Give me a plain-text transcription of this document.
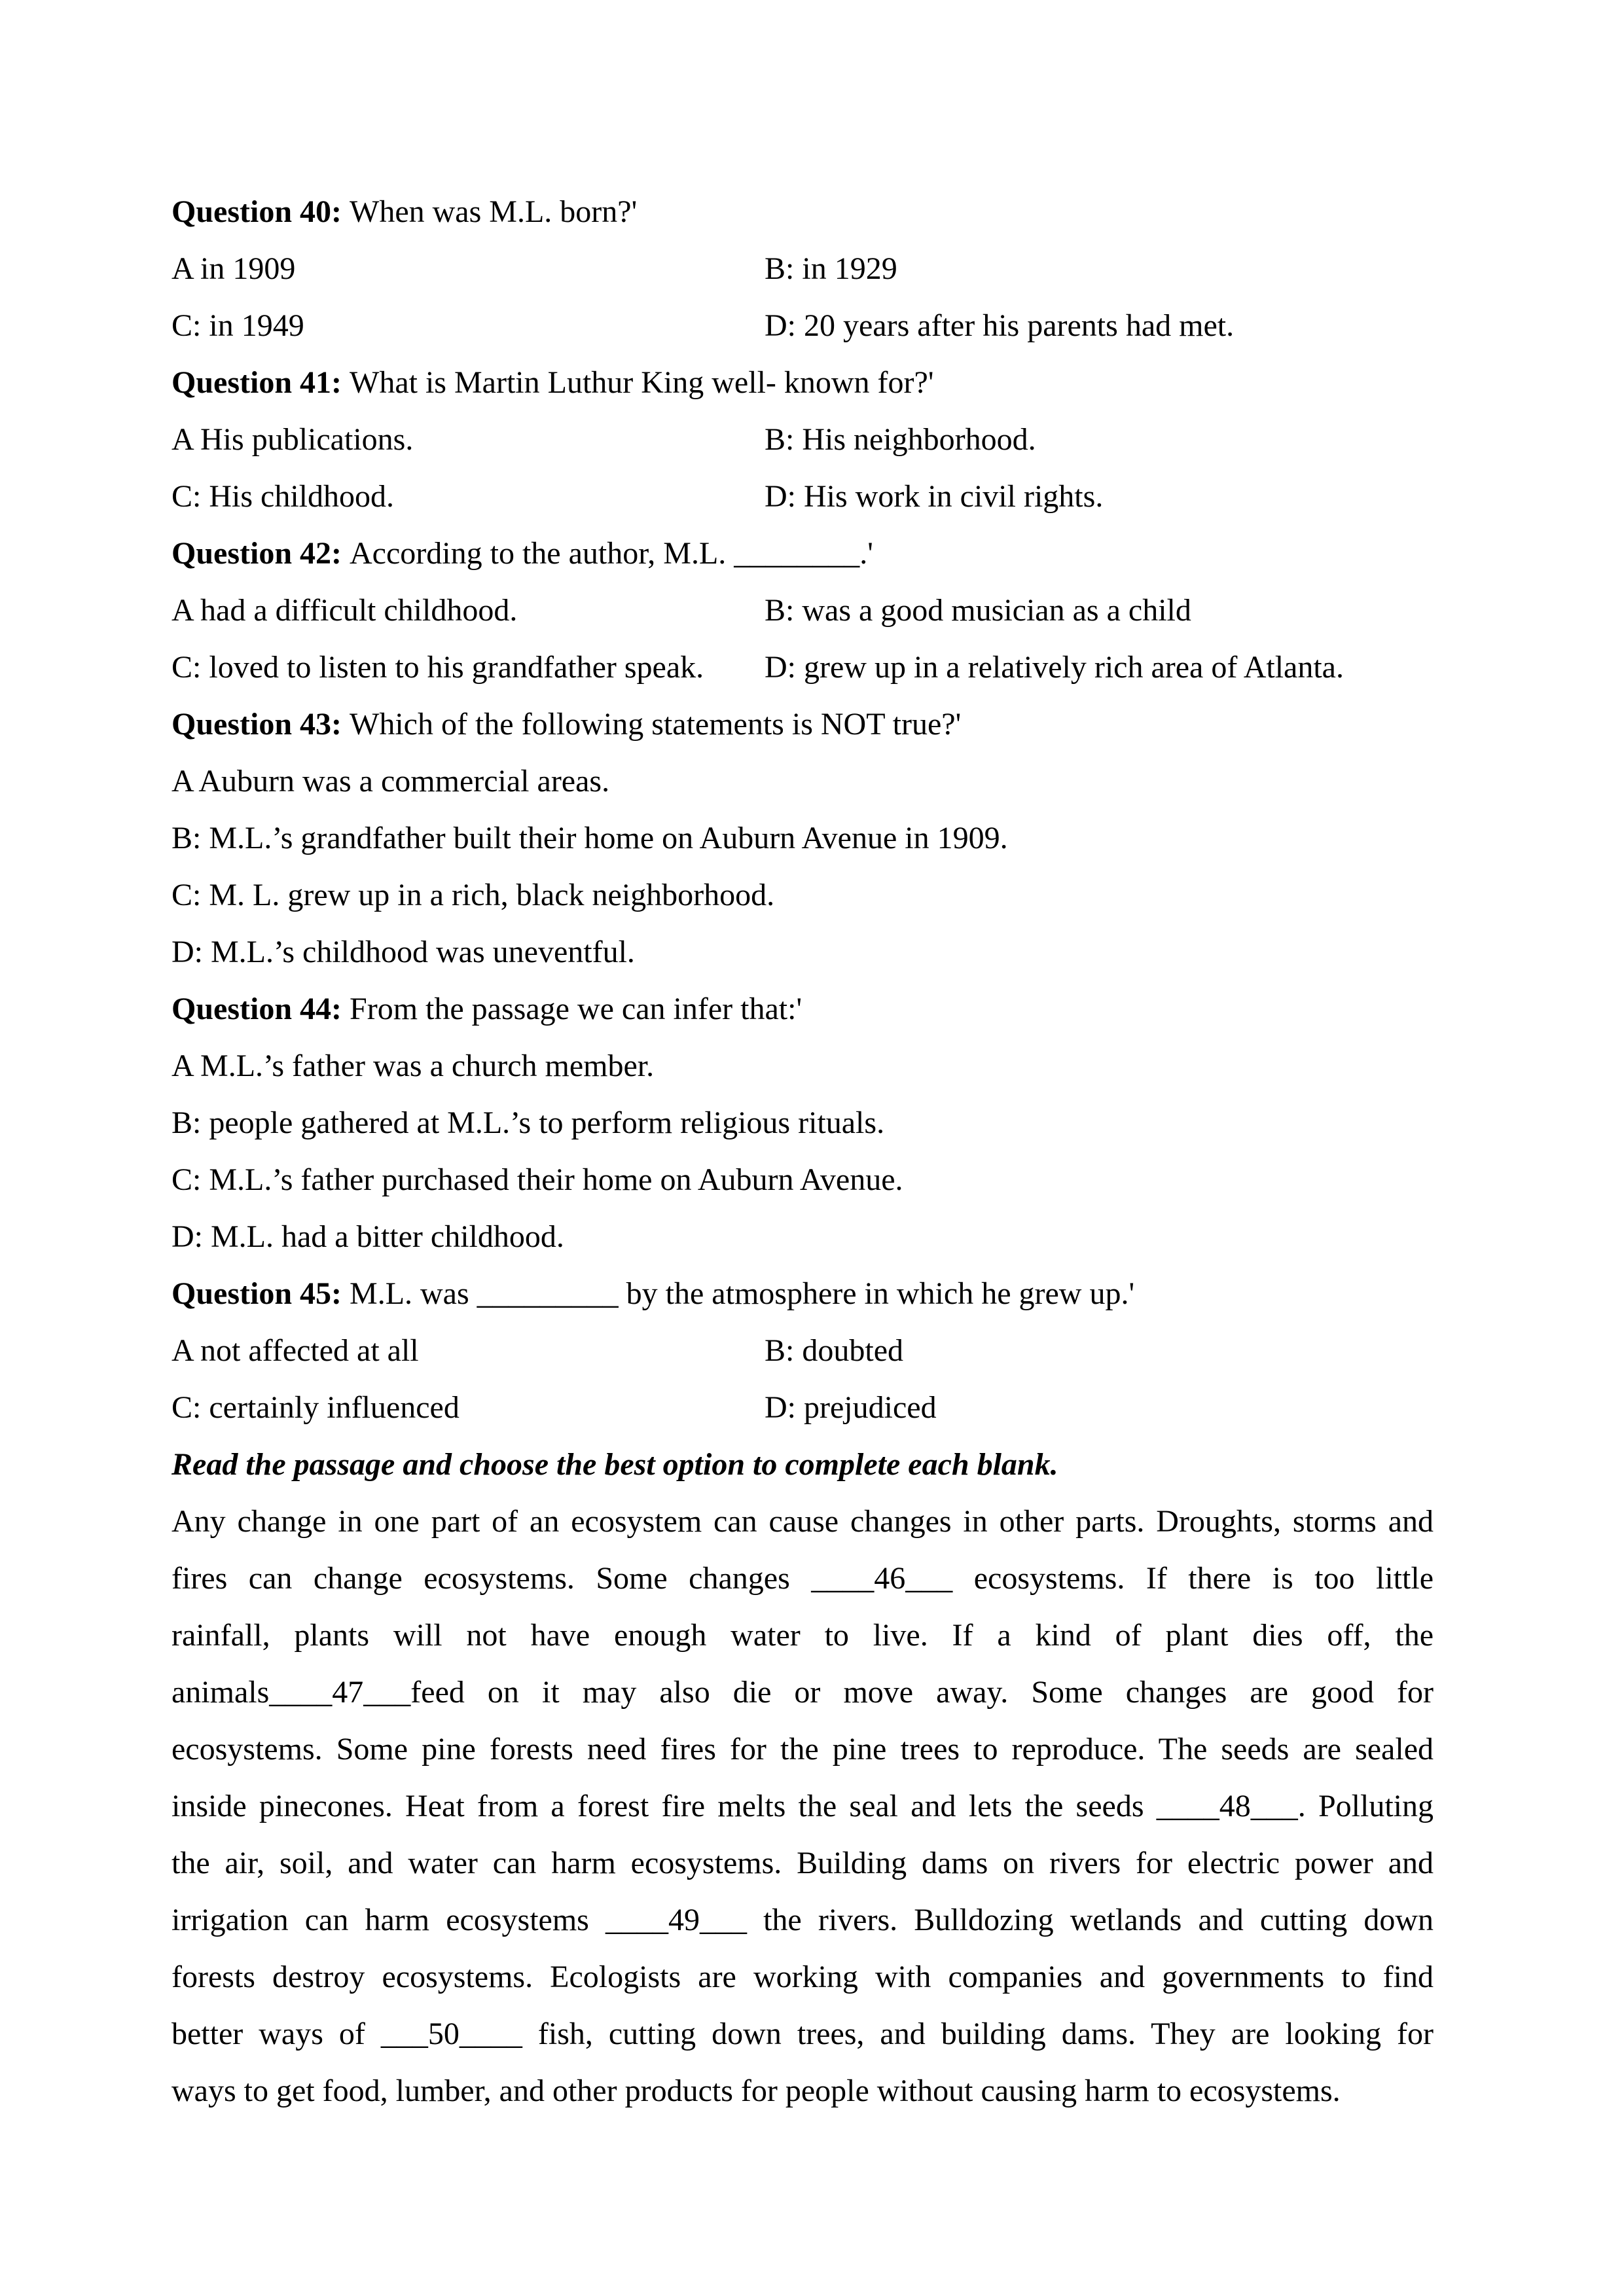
Question 40: When was M.L. born?'
A in 1909	B: in 1929
C: in 1949	D: 20 years after his parents had met.
Question 41: What is Martin Luthur King well- known for?'
A His publications.	B: His neighborhood.
C: His childhood.	D: His work in civil rights.
Question 42: According to the author, M.L. ________.'
A had a difficult childhood.	B: was a good musician as a child
C: loved to listen to his grandfather speak. D: grew up in a relatively rich area of Atlanta.
Question 43: Which of the following statements is NOT true?'
A Auburn was a commercial areas.
B: M.L.’s grandfather built their home on Auburn Avenue in 1909.
C: M. L. grew up in a rich, black neighborhood.
D: M.L.’s childhood was uneventful.
Question 44: From the passage we can infer that:'
A M.L.’s father was a church member.
B: people gathered at M.L.’s to perform religious rituals.
C: M.L.’s father purchased their home on Auburn Avenue.
D: M.L. had a bitter childhood.
Question 45: M.L. was _________ by the atmosphere in which he grew up.'
A not affected at all	B: doubted
C: certainly influenced	D: prejudiced
Read the passage and choose the best option to complete each blank.
Any change in one part of an ecosystem can cause changes in other parts. Droughts, storms and
fires can change ecosystems. Some changes ____46___ ecosystems. If there is too little
rainfall, plants will not have enough water to live. If a kind of plant dies off, the
animals____47___feed on it may also die or move away. Some changes are good for
ecosystems. Some pine forests need fires for the pine trees to reproduce. The seeds are sealed
inside pinecones. Heat from a forest fire melts the seal and lets the seeds ____48___. Polluting
the air, soil, and water can harm ecosystems. Building dams on rivers for electric power and
irrigation can harm ecosystems ____49___ the rivers. Bulldozing wetlands and cutting down
forests destroy ecosystems. Ecologists are working with companies and governments to find
better ways of ___50____ fish, cutting down trees, and building dams. They are looking for
ways to get food, lumber, and other products for people without causing harm to ecosystems.
